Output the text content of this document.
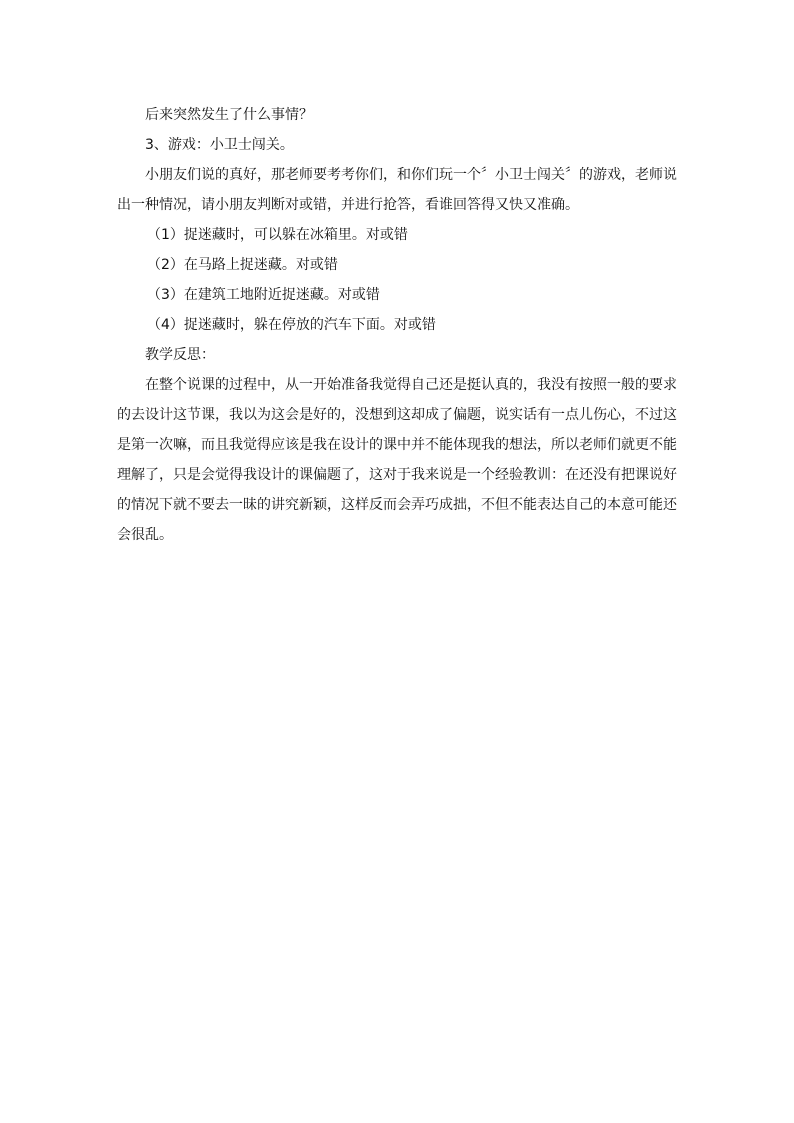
后来突然发生了什么事情？

3、游戏：小卫士闯关。

小朋友们说的真好，那老师要考考你们，和你们玩一个〞小卫士闯关〞的游戏，老师说出一种情况，请小朋友判断对或错，并进行抢答，看谁回答得又快又准确。

（1）捉迷藏时，可以躲在冰箱里。对或错

（2）在马路上捉迷藏。对或错

（3）在建筑工地附近捉迷藏。对或错

（4）捉迷藏时，躲在停放的汽车下面。对或错

教学反思：

在整个说课的过程中，从一开始准备我觉得自己还是挺认真的，我没有按照一般的要求的去设计这节课，我以为这会是好的，没想到这却成了偏题，说实话有一点儿伤心，不过这是第一次嘛，而且我觉得应该是我在设计的课中并不能体现我的想法，所以老师们就更不能理解了，只是会觉得我设计的课偏题了，这对于我来说是一个经验教训：在还没有把课说好的情况下就不要去一昧的讲究新颖，这样反而会弄巧成拙，不但不能表达自己的本意可能还会很乱。
